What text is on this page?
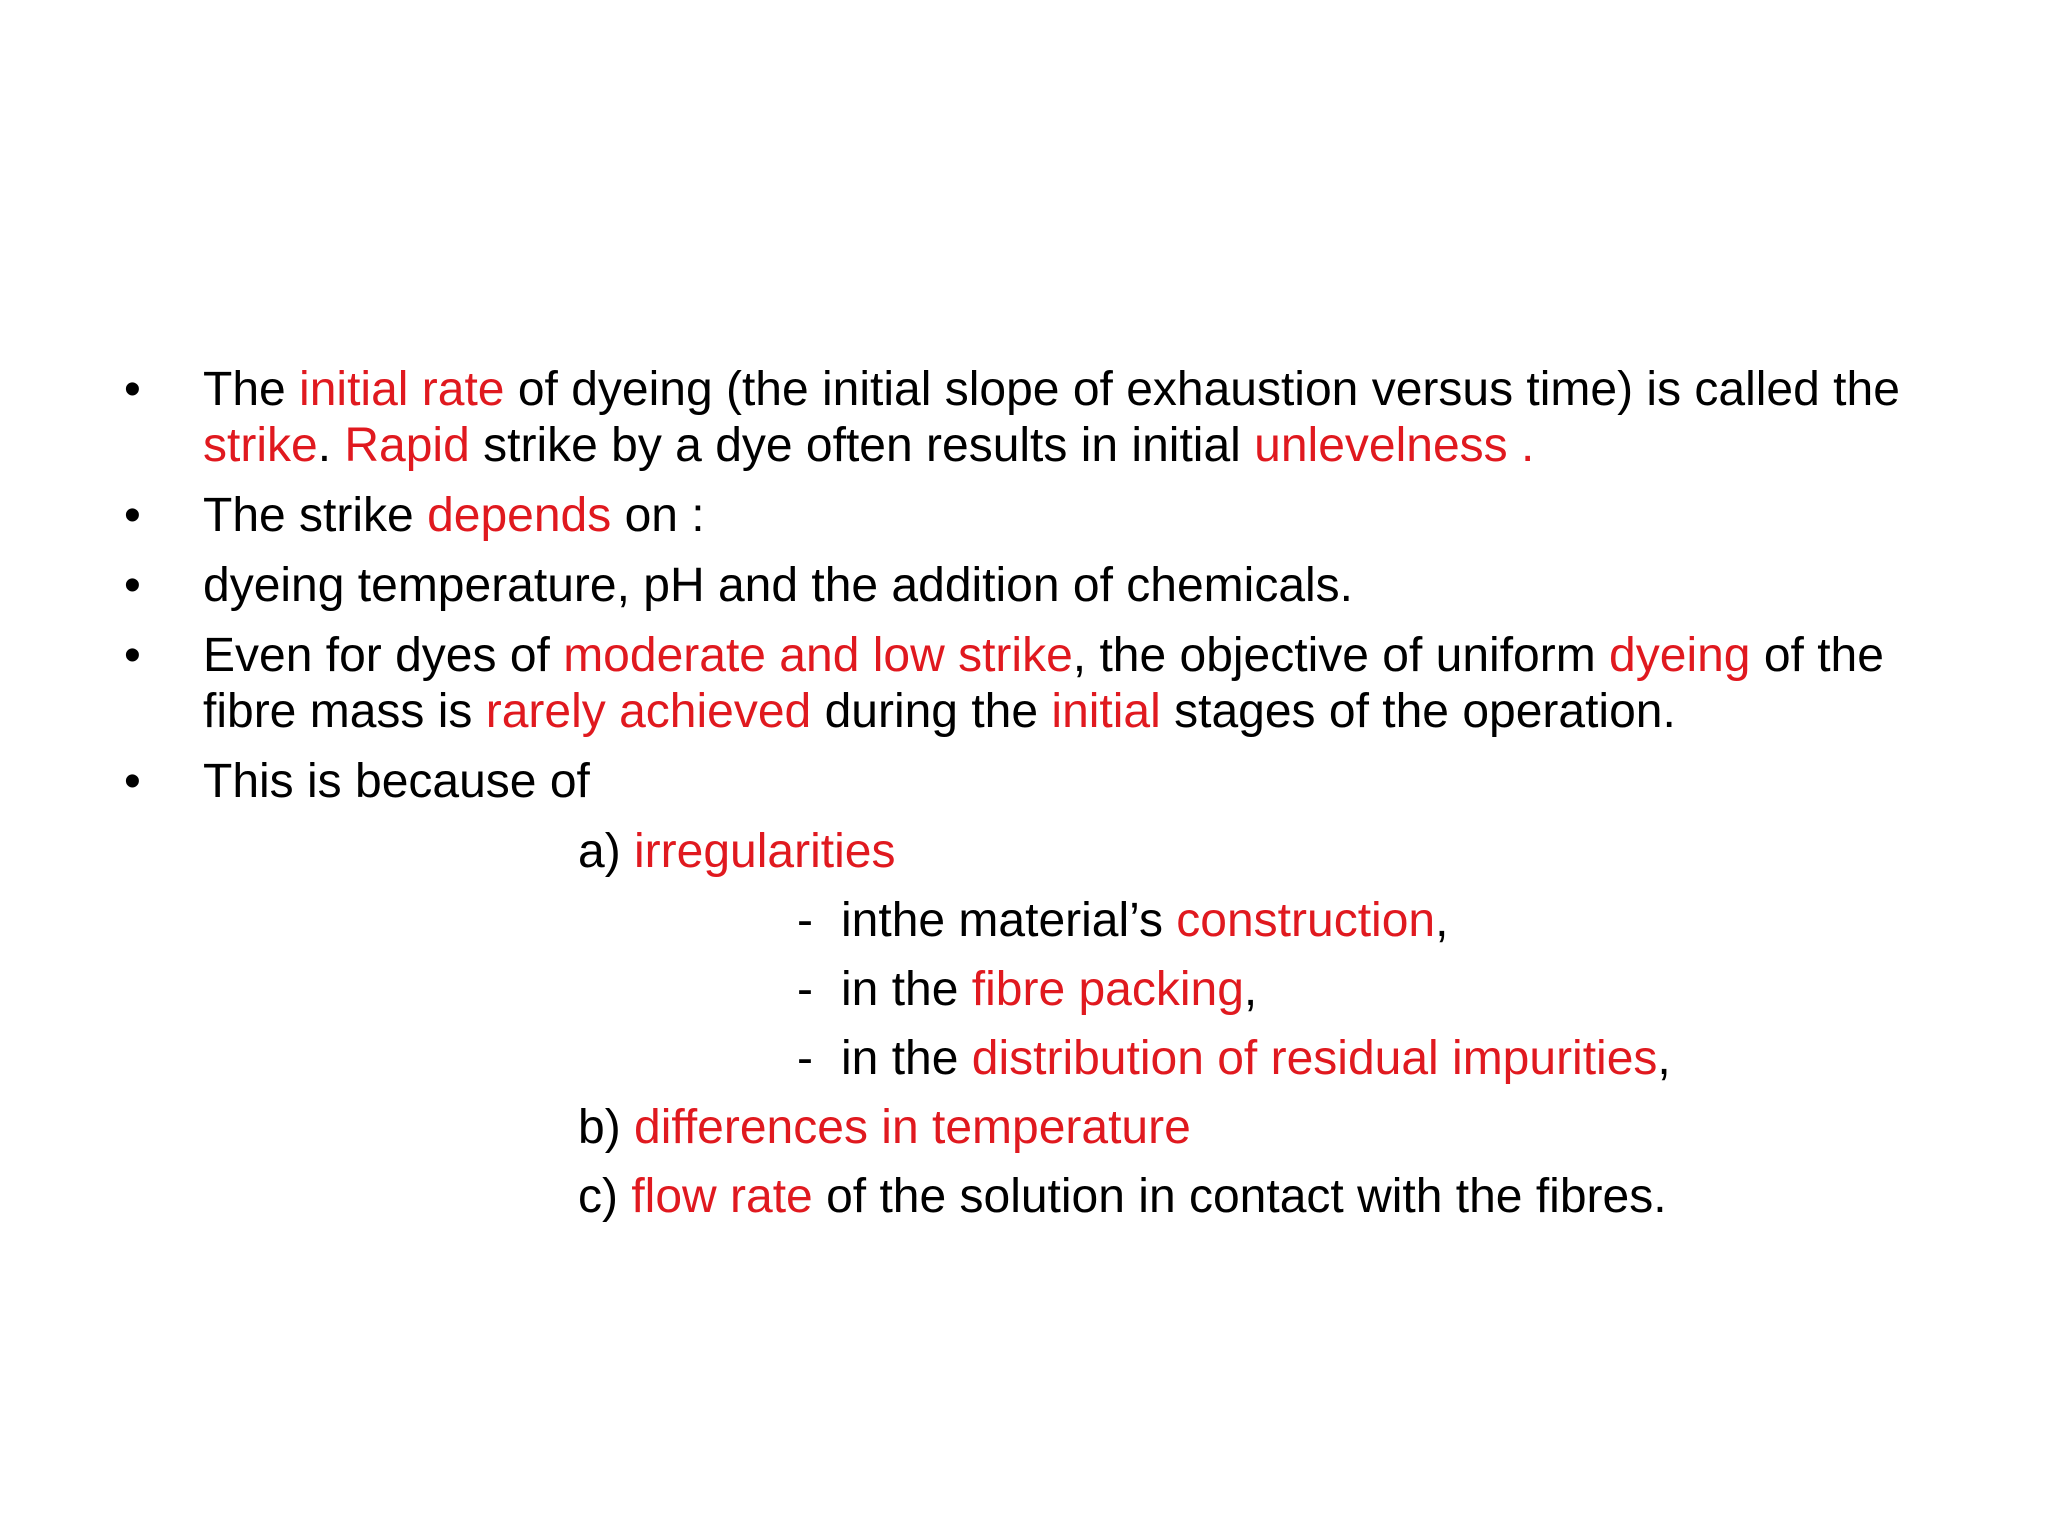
• The initial rate of dyeing (the initial slope of exhaustion versus time) is called the strike. Rapid strike by a dye often results in initial unlevelness .
• The strike depends on :
• dyeing temperature, pH and the addition of chemicals.
• Even for dyes of moderate and low strike, the objective of uniform dyeing of the fibre mass is rarely achieved during the initial stages of the operation.
• This is because of
a) irregularities
- inthe material’s construction,
- in the fibre packing,
- in the distribution of residual impurities,
b) differences in temperature
c) flow rate of the solution in contact with the fibres.
